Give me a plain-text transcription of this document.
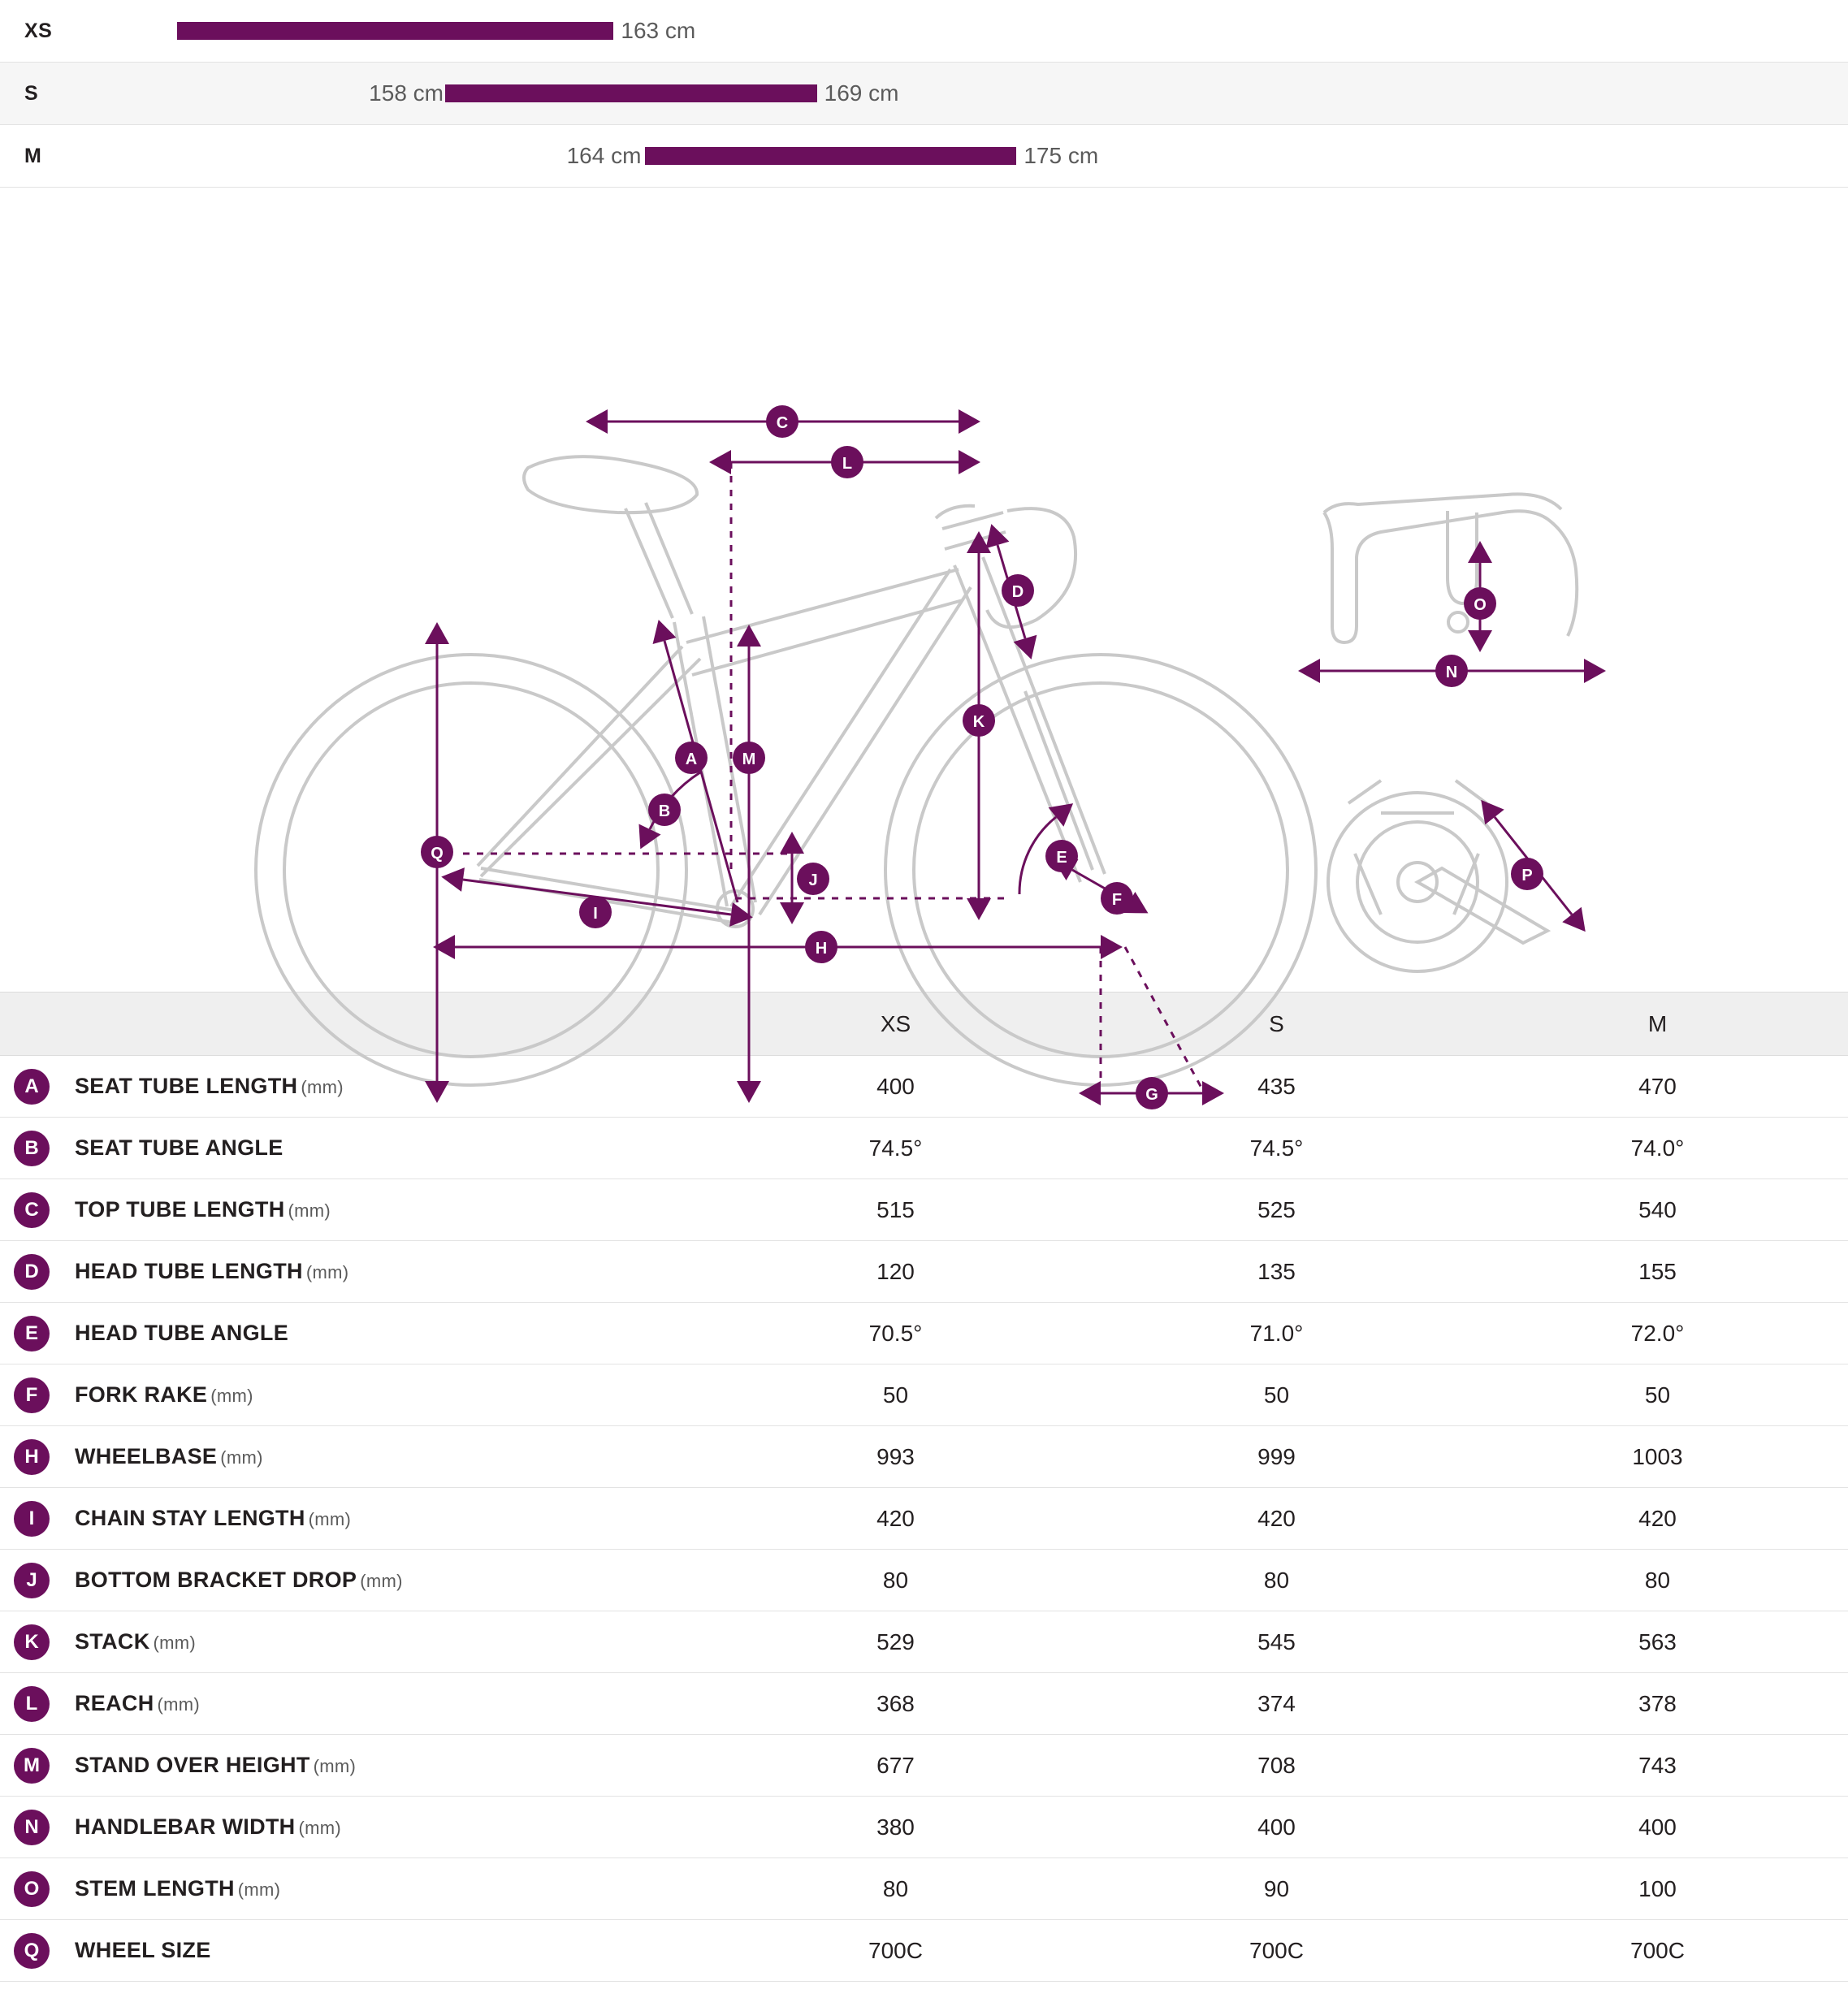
XS	163 cm
S	158 cm	169 cm
M	164 cm	175 cm
C
L
D
A	M
K
B
E
F
J
Q
I
H
G
O
N
P
		XS	S	M
A	SEAT TUBE LENGTH (mm)	400	435	470
B	SEAT TUBE ANGLE	74.5°	74.5°	74.0°
C	TOP TUBE LENGTH (mm)	515	525	540
D	HEAD TUBE LENGTH (mm)	120	135	155
E	HEAD TUBE ANGLE	70.5°	71.0°	72.0°
F	FORK RAKE (mm)	50	50	50
H	WHEELBASE (mm)	993	999	1003
I	CHAIN STAY LENGTH (mm)	420	420	420
J	BOTTOM BRACKET DROP (mm)	80	80	80
K	STACK (mm)	529	545	563
L	REACH (mm)	368	374	378
M	STAND OVER HEIGHT (mm)	677	708	743
N	HANDLEBAR WIDTH (mm)	380	400	400
O	STEM LENGTH (mm)	80	90	100
Q	WHEEL SIZE	700C	700C	700C
